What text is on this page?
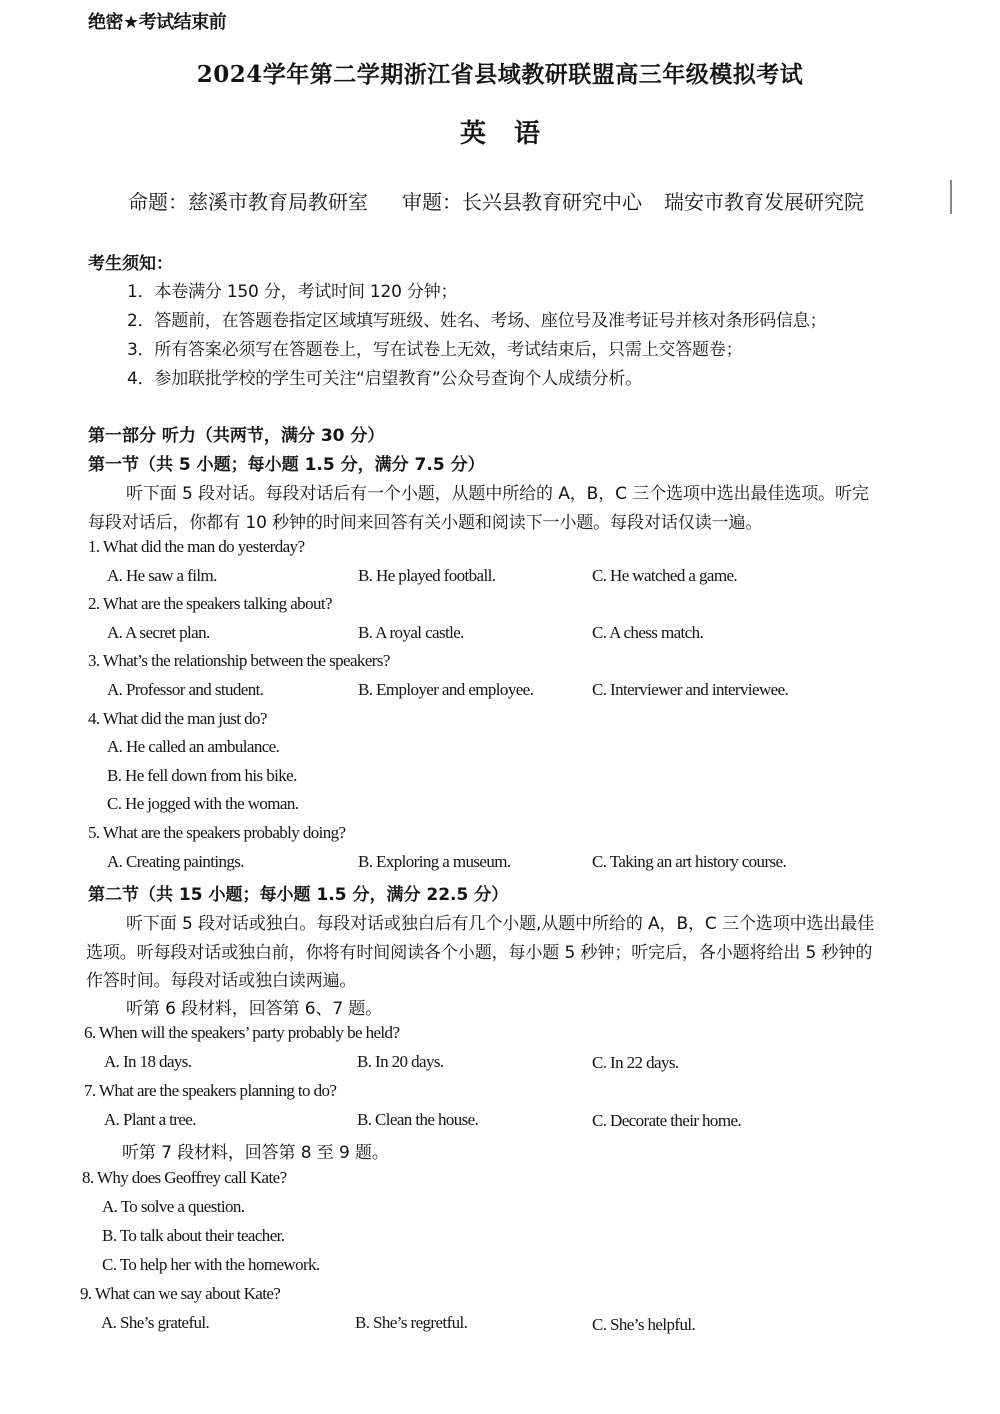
绝密★考试结束前
2024学年第二学期浙江省县域教研联盟高三年级模拟考试
英 语
命题：慈溪市教育局教研室 审题：长兴县教育研究中心 瑞安市教育发展研究院
考生须知：
1．本卷满分 150 分，考试时间 120 分钟；
2．答题前，在答题卷指定区域填写班级、姓名、考场、座位号及准考证号并核对条形码信息；
3．所有答案必须写在答题卷上，写在试卷上无效，考试结束后，只需上交答题卷；
4．参加联批学校的学生可关注“启望教育”公众号查询个人成绩分析。
第一部分 听力（共两节，满分 30 分）
第一节（共 5 小题；每小题 1.5 分，满分 7.5 分）
听下面 5 段对话。每段对话后有一个小题，从题中所给的 A，B，C 三个选项中选出最佳选项。听完
每段对话后，你都有 10 秒钟的时间来回答有关小题和阅读下一小题。每段对话仅读一遍。
1. What did the man do yesterday?
A. He saw a film.	B. He played football.	C. He watched a game.
2. What are the speakers talking about?
A. A secret plan.	B. A royal castle.	C. A chess match.
3. What’s the relationship between the speakers?
A. Professor and student.	B. Employer and employee.	C. Interviewer and interviewee.
4. What did the man just do?
A. He called an ambulance.
B. He fell down from his bike.
C. He jogged with the woman.
5. What are the speakers probably doing?
A. Creating paintings.	B. Exploring a museum.	C. Taking an art history course.
第二节（共 15 小题；每小题 1.5 分，满分 22.5 分）
听下面 5 段对话或独白。每段对话或独白后有几个小题,从题中所给的 A，B，C 三个选项中选出最佳
选项。听每段对话或独白前，你将有时间阅读各个小题，每小题 5 秒钟；听完后，各小题将给出 5 秒钟的
作答时间。每段对话或独白读两遍。
听第 6 段材料，回答第 6、7 题。
6. When will the speakers’ party probably be held?
A. In 18 days.	B. In 20 days.	C. In 22 days.
7. What are the speakers planning to do?
A. Plant a tree.	B. Clean the house.	C. Decorate their home.
听第 7 段材料，回答第 8 至 9 题。
8. Why does Geoffrey call Kate?
A. To solve a question.
B. To talk about their teacher.
C. To help her with the homework.
9. What can we say about Kate?
A. She’s grateful.	B. She’s regretful.	C. She’s helpful.
